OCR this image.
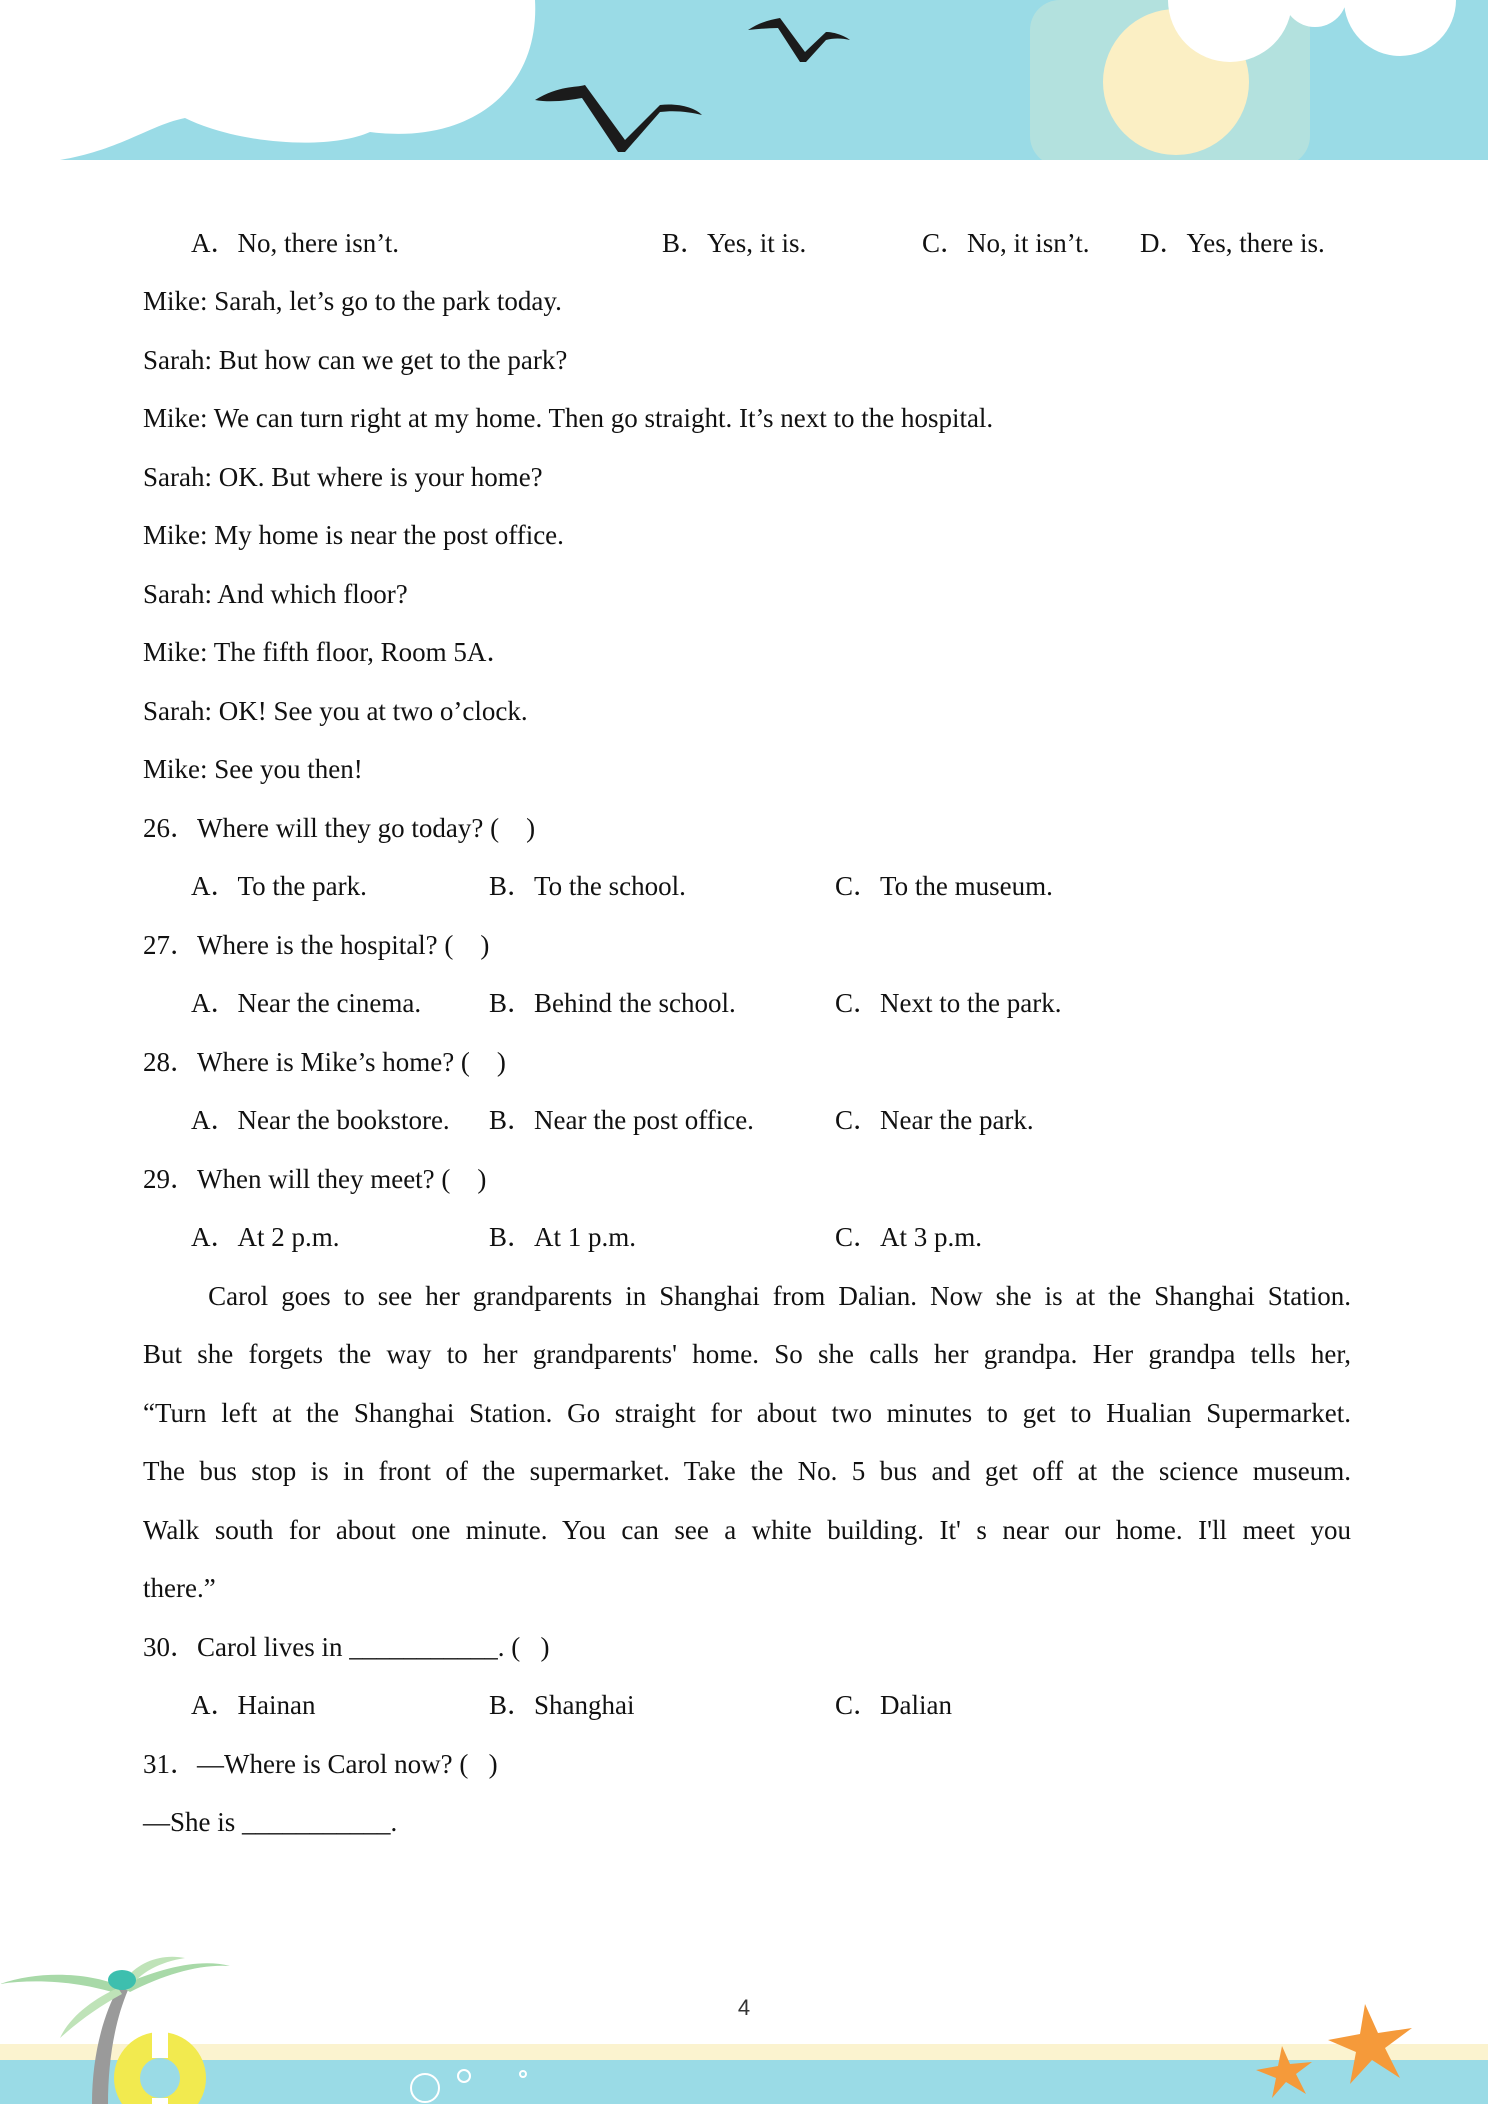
A．No, there isn’t.	B．Yes, it is.	C．No, it isn’t. D．Yes, there is.
Mike: Sarah, let’s go to the park today.
Sarah: But how can we get to the park?
Mike: We can turn right at my home. Then go straight. It’s next to the hospital.
Sarah: OK. But where is your home?
Mike: My home is near the post office.
Sarah: And which floor?
Mike: The fifth floor, Room 5A．
Sarah: OK! See you at two o’clock.
Mike: See you then!
26．Where will they go today? (    )
A．To the park.	B．To the school.	C．To the museum.
27．Where is the hospital? (    )
A．Near the cinema.	B．Behind the school.	C．Next to the park.
28．Where is Mike’s home? (    )
A．Near the bookstore. B．Near the post office.	C．Near the park.
29．When will they meet? (    )
A．At 2 p.m.	B．At 1 p.m.	C．At 3 p.m.
Carol goes to see her grandparents in Shanghai from Dalian. Now she is at the Shanghai Station.
But she forgets the way to her grandparents' home. So she calls her grandpa. Her grandpa tells her,
“Turn left at the Shanghai Station. Go straight for about two minutes to get to Hualian Supermarket.
The bus stop is in front of the supermarket. Take the No. 5 bus and get off at the science museum.
Walk south for about one minute. You can see a white building. It' s near our home. I'll meet you
there.”
30．Carol lives in ___________. (   )
A．Hainan	B．Shanghai	C．Dalian
31．—Where is Carol now? (   )
—She is ___________.
4
